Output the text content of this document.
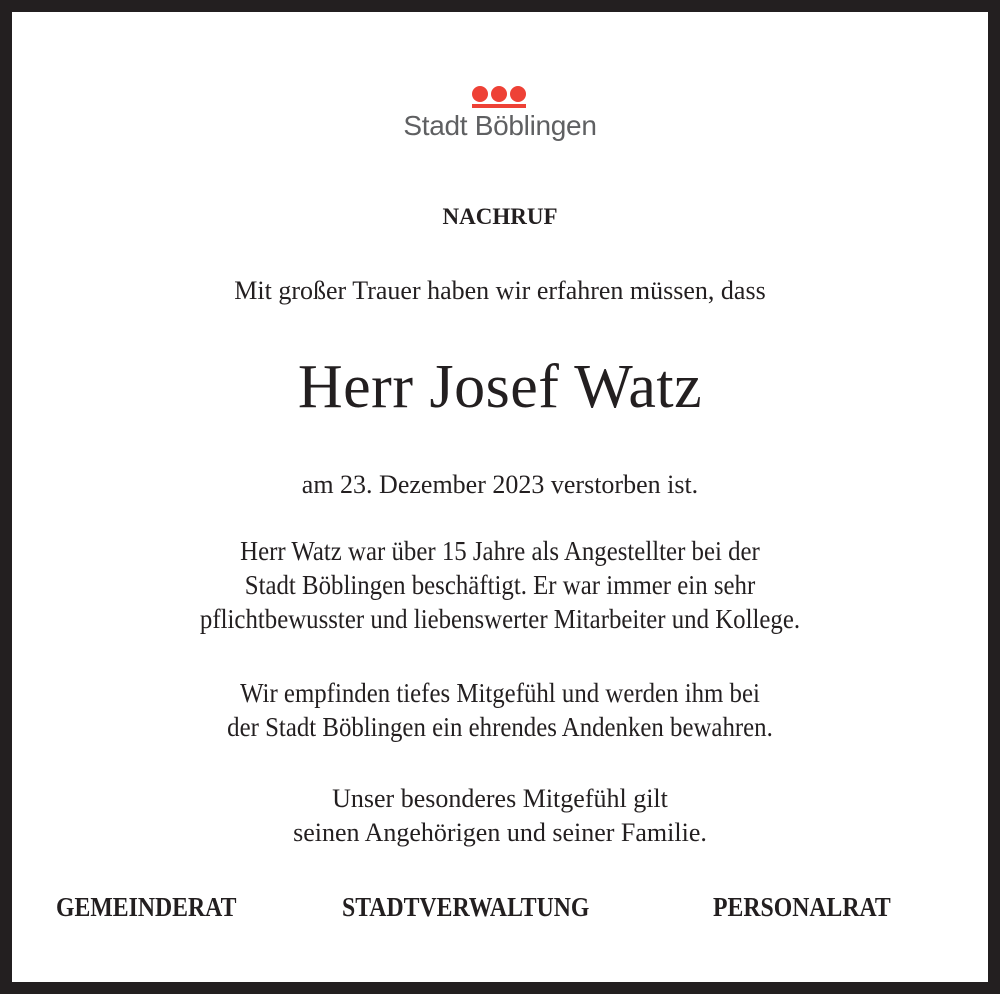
Stadt Böblingen
NACHRUF
Mit großer Trauer haben wir erfahren müssen, dass
Herr Josef Watz
am 23. Dezember 2023 verstorben ist.
Herr Watz war über 15 Jahre als Angestellter bei der
Stadt Böblingen beschäftigt. Er war immer ein sehr
pflichtbewusster und liebenswerter Mitarbeiter und Kollege.
Wir empfinden tiefes Mitgefühl und werden ihm bei
der Stadt Böblingen ein ehrendes Andenken bewahren.
Unser besonderes Mitgefühl gilt
seinen Angehörigen und seiner Familie.
GEMEINDERAT	STADTVERWALTUNG	PERSONALRAT
